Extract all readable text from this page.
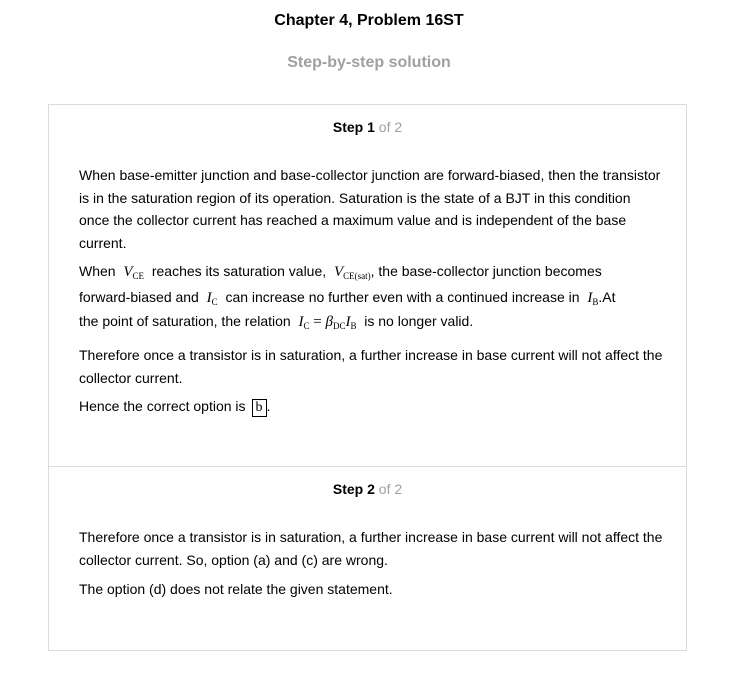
Chapter 4, Problem 16ST
Step-by-step solution
Step 1 of 2
When base-emitter junction and base-collector junction are forward-biased, then the transistor is in the saturation region of its operation. Saturation is the state of a BJT in this condition once the collector current has reached a maximum value and is independent of the base current.
When $V_{CE}$ reaches its saturation value, $V_{CE(sat)}$, the base-collector junction becomes
forward-biased and $I_C$ can increase no further even with a continued increase in $I_B.At$
the point of saturation, the relation $I_C = \beta_{DC}I_B$ is no longer valid.
Therefore once a transistor is in saturation, a further increase in base current will not affect the collector current.
Hence the correct option is b .
Step 2 of 2
Therefore once a transistor is in saturation, a further increase in base current will not affect the collector current. So, option (a) and (c) are wrong.
The option (d) does not relate the given statement.
